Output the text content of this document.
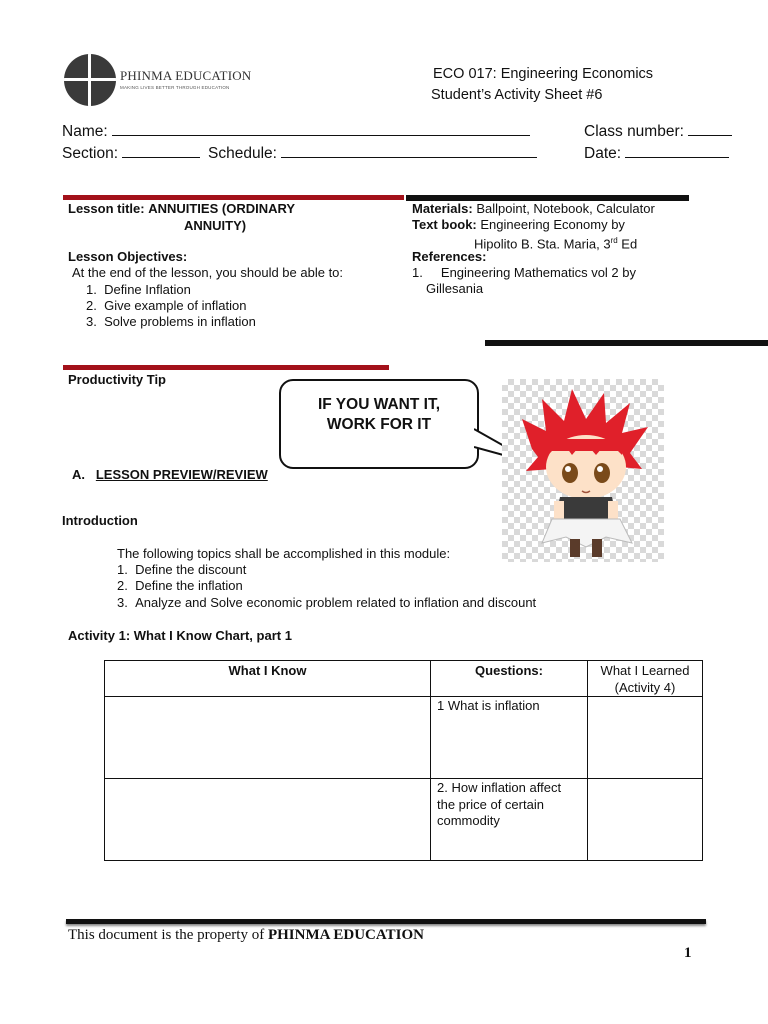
PHINMA EDUCATION
MAKING LIVES BETTER THROUGH EDUCATION
ECO 017: Engineering Economics
Student’s Activity Sheet #6
Name:	Class number:
Section:	Schedule:	Date:
Lesson title: ANNUITIES (ORDINARY
ANNUITY)
Lesson Objectives:
At the end of the lesson, you should be able to:
1.  Define Inflation
2.  Give example of inflation
3.  Solve problems in inflation
Materials: Ballpoint, Notebook, Calculator
Text book: Engineering Economy by
Hipolito B. Sta. Maria, 3rd Ed
References:
1. Engineering Mathematics vol 2 by
Gillesania
Productivity Tip
IF YOU WANT IT,
WORK FOR IT
A. LESSON PREVIEW/REVIEW
Introduction
The following topics shall be accomplished in this module:
1.  Define the discount
2.  Define the inflation
3.  Analyze and Solve economic problem related to inflation and discount
Activity 1: What I Know Chart, part 1
What I Know	Questions:	What I Learned (Activity 4)

	1 What is inflation	

	2. How inflation affect the price of certain commodity	

This document is the property of PHINMA EDUCATION
1
